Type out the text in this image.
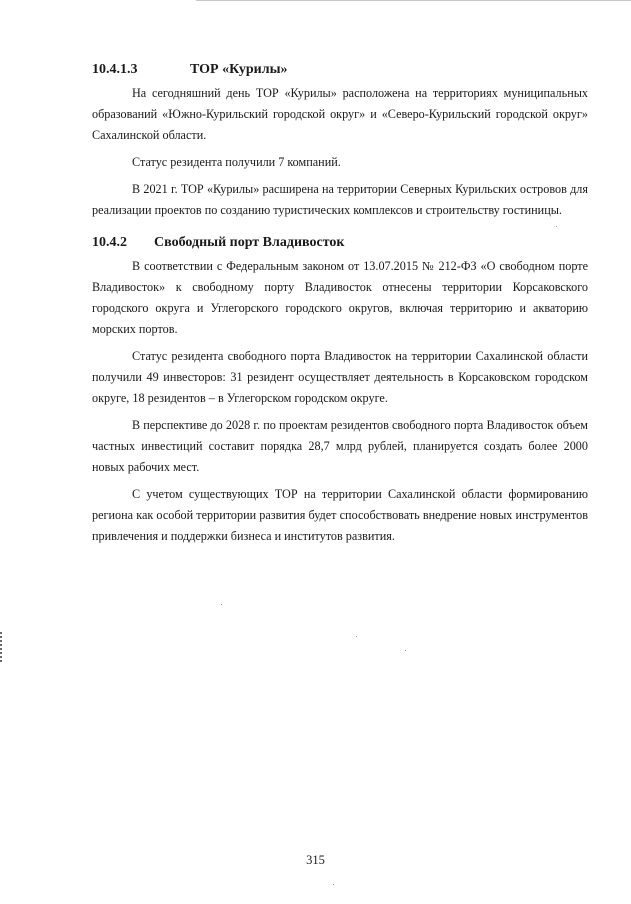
10.4.1.3	ТОР «Курилы»

На сегодняшний день ТОР «Курилы» расположена на территориях муниципальных образований «Южно-Курильский городской округ» и «Северо-Курильский городской округ» Сахалинской области.

Статус резидента получили 7 компаний.

В 2021 г. ТОР «Курилы» расширена на территории Северных Курильских островов для реализации проектов по созданию туристических комплексов и строительству гостиницы.

10.4.2 Свободный порт Владивосток

В соответствии с Федеральным законом от 13.07.2015 № 212-ФЗ «О свободном порте Владивосток» к свободному порту Владивосток отнесены территории Корсаковского городского округа и Углегорского городского округов, включая территорию и акваторию морских портов.

Статус резидента свободного порта Владивосток на территории Сахалинской области получили 49 инвесторов: 31 резидент осуществляет деятельность в Корсаковском городском округе, 18 резидентов – в Углегорском городском округе.

В перспективе до 2028 г. по проектам резидентов свободного порта Владивосток объем частных инвестиций составит порядка 28,7 млрд рублей, планируется создать более 2000 новых рабочих мест.

С учетом существующих ТОР на территории Сахалинской области формированию региона как особой территории развития будет способствовать внедрение новых инструментов привлечения и поддержки бизнеса и институтов развития.

315
